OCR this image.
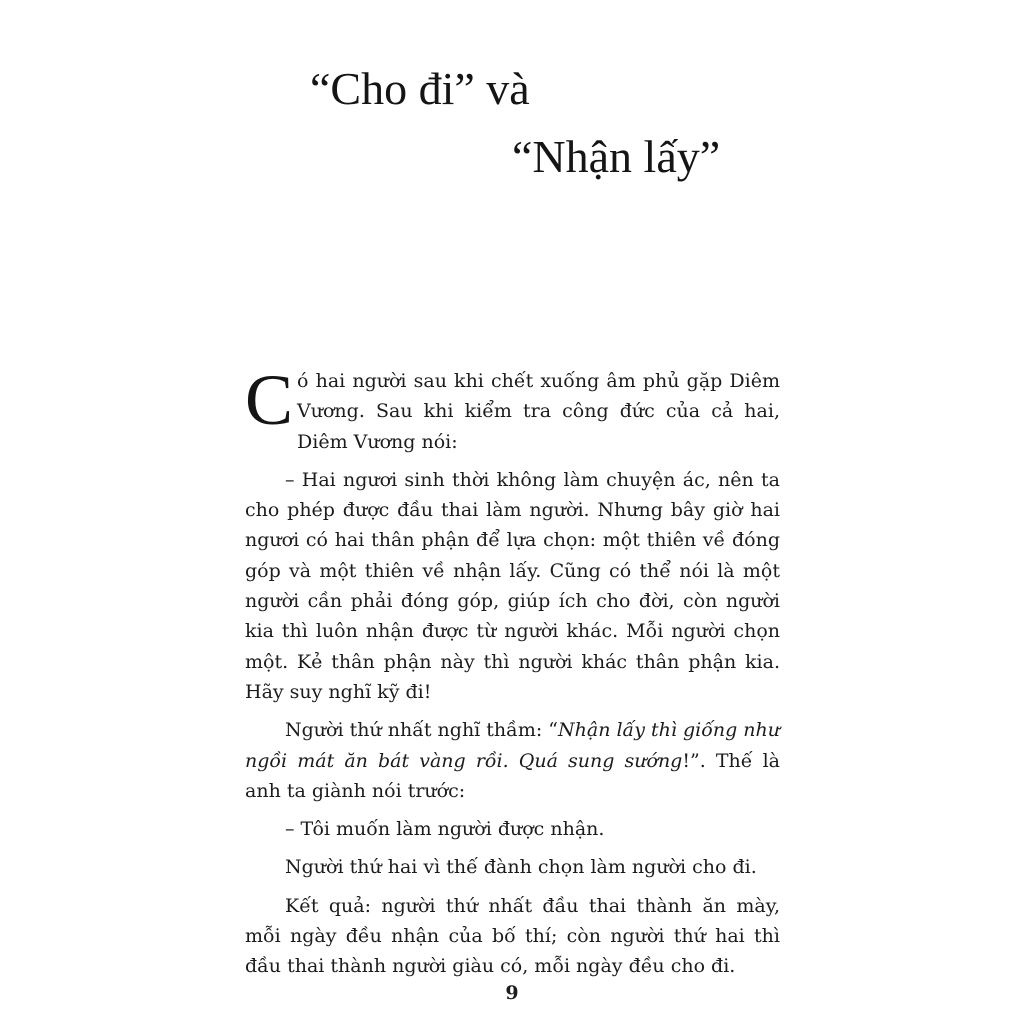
“Cho đi” và
“Nhận lấy”

Có hai người sau khi chết xuống âm phủ gặp Diêm Vương. Sau khi kiểm tra công đức của cả hai, Diêm Vương nói:

– Hai ngươi sinh thời không làm chuyện ác, nên ta cho phép được đầu thai làm người. Nhưng bây giờ hai ngươi có hai thân phận để lựa chọn: một thiên về đóng góp và một thiên về nhận lấy. Cũng có thể nói là một người cần phải đóng góp, giúp ích cho đời, còn người kia thì luôn nhận được từ người khác. Mỗi người chọn một. Kẻ thân phận này thì người khác thân phận kia. Hãy suy nghĩ kỹ đi!

Người thứ nhất nghĩ thầm: “Nhận lấy thì giống như ngồi mát ăn bát vàng rồi. Quá sung sướng!”. Thế là anh ta giành nói trước:

– Tôi muốn làm người được nhận.

Người thứ hai vì thế đành chọn làm người cho đi.

Kết quả: người thứ nhất đầu thai thành ăn mày, mỗi ngày đều nhận của bố thí; còn người thứ hai thì đầu thai thành người giàu có, mỗi ngày đều cho đi.

9
